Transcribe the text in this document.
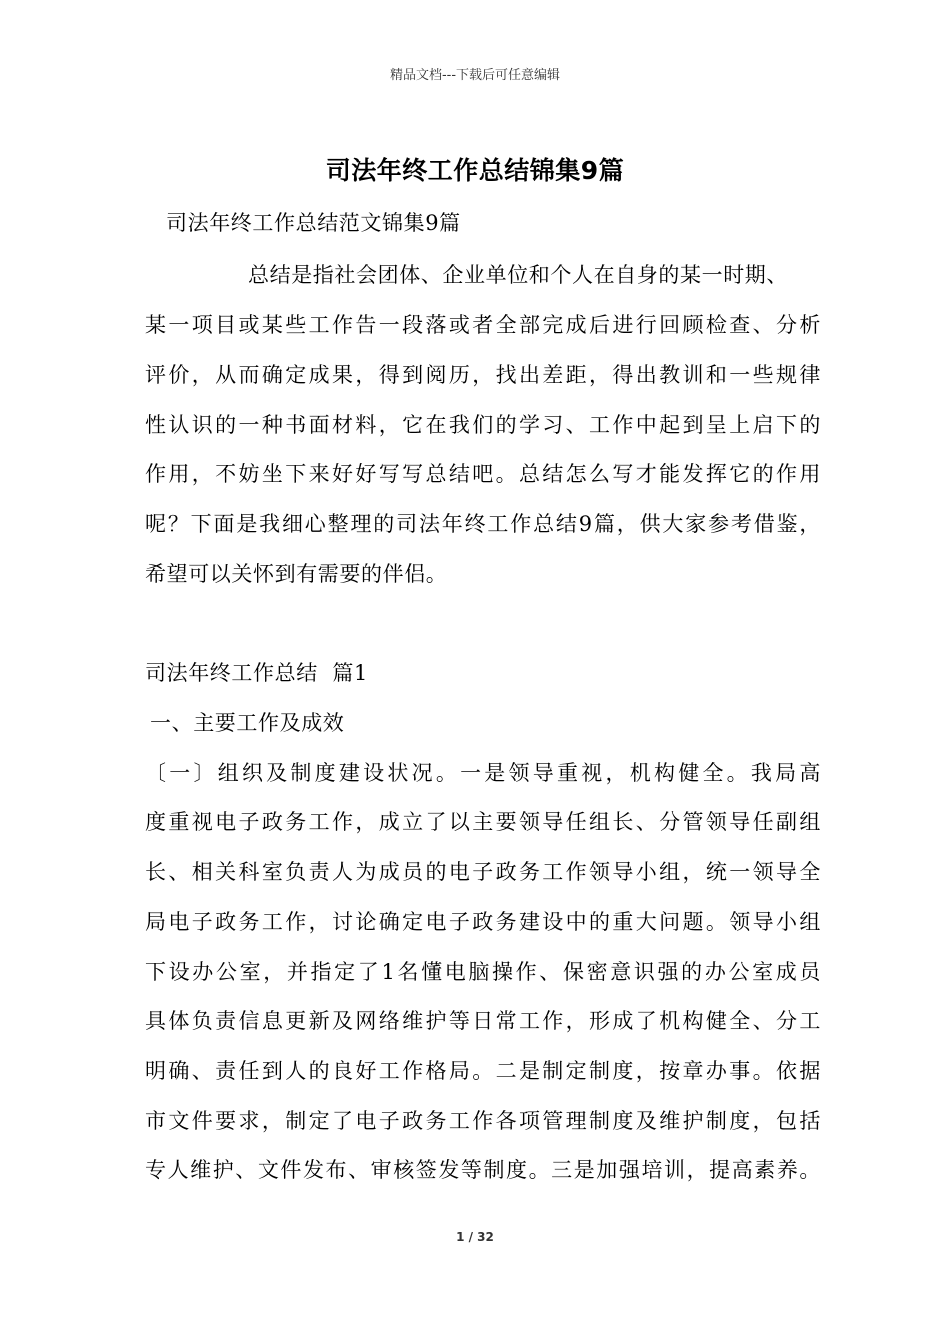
精品文档---下载后可任意编辑
司法年终工作总结锦集9篇
司法年终工作总结范文锦集9篇
总结是指社会团体、企业单位和个人在自身的某一时期、
某一项目或某些工作告一段落或者全部完成后进行回顾检查、分析
评价，从而确定成果，得到阅历，找出差距，得出教训和一些规律
性认识的一种书面材料，它在我们的学习、工作中起到呈上启下的
作用，不妨坐下来好好写写总结吧。总结怎么写才能发挥它的作用
呢？下面是我细心整理的司法年终工作总结9篇，供大家参考借鉴，
希望可以关怀到有需要的伴侣。
司法年终工作总结  篇1
一、主要工作及成效
〔一〕组织及制度建设状况。一是领导重视，机构健全。我局高
度重视电子政务工作，成立了以主要领导任组长、分管领导任副组
长、相关科室负责人为成员的电子政务工作领导小组，统一领导全
局电子政务工作，讨论确定电子政务建设中的重大问题。领导小组
下设办公室，并指定了1名懂电脑操作、保密意识强的办公室成员
具体负责信息更新及网络维护等日常工作，形成了机构健全、分工
明确、责任到人的良好工作格局。二是制定制度，按章办事。依据
市文件要求，制定了电子政务工作各项管理制度及维护制度，包括
专人维护、文件发布、审核签发等制度。三是加强培训，提高素养。
1 / 32
